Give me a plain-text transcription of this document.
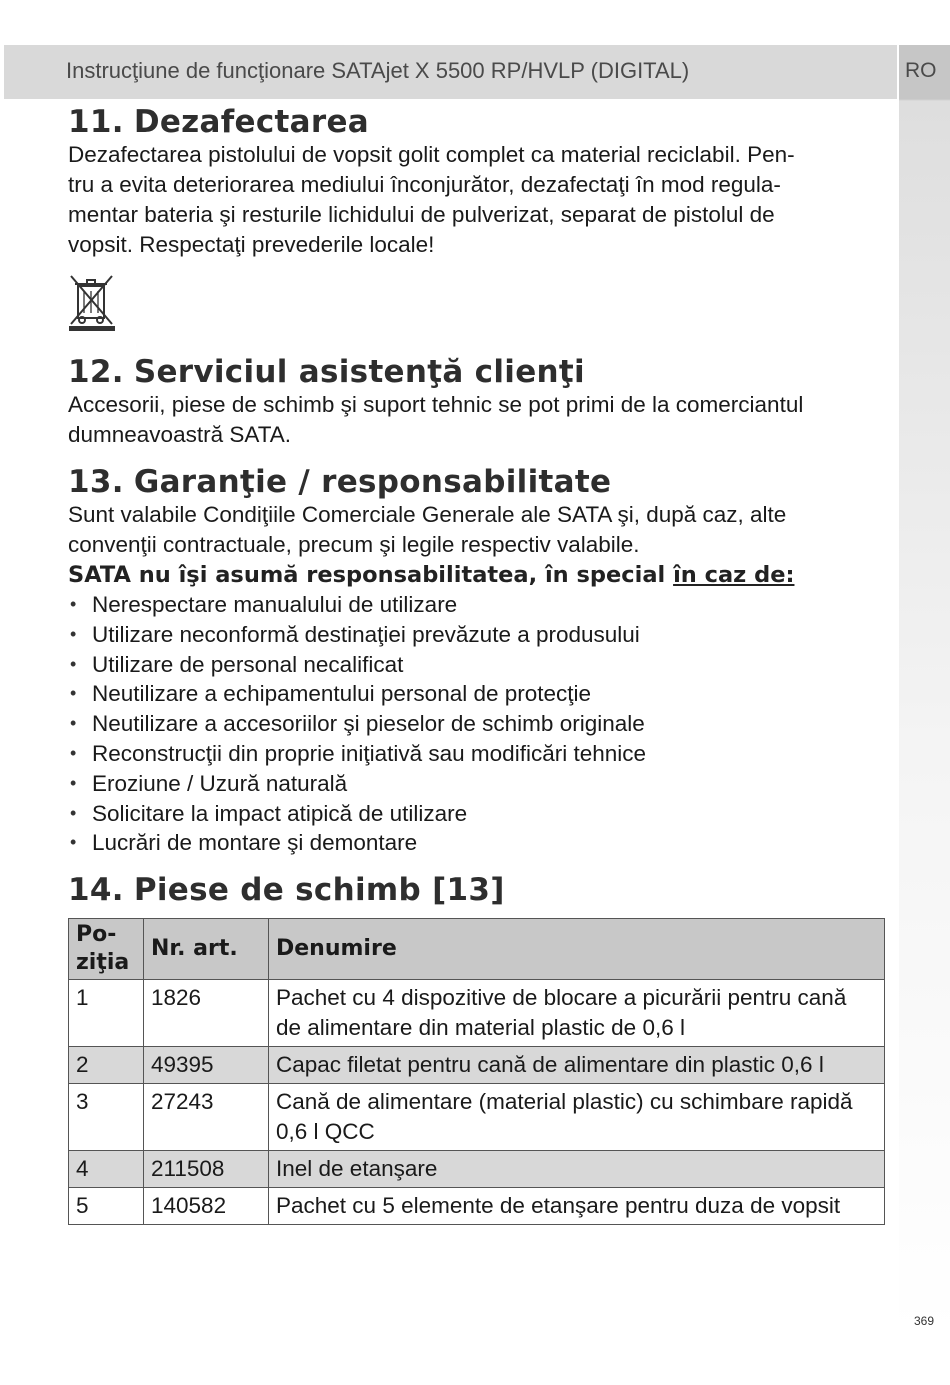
Instrucţiune de funcţionare SATAjet X 5500 RP/HVLP (DIGITAL)	RO
11. Dezafectarea

Dezafectarea pistolului de vopsit golit complet ca material reciclabil. Pen-

tru a evita deteriorarea mediului înconjurător, dezafectaţi în mod regula-

mentar bateria şi resturile lichidului de pulverizat, separat de pistolul de

vopsit. Respectaţi prevederile locale!

12. Serviciul asistenţă clienţi

Accesorii, piese de schimb şi suport tehnic se pot primi de la comerciantul

dumneavoastră SATA.

13. Garanţie / responsabilitate

Sunt valabile Condiţiile Comerciale Generale ale SATA şi, după caz, alte

convenţii contractuale, precum şi legile respectiv valabile.

SATA nu îşi asumă responsabilitatea, în special în caz de:
• Nerespectare manualului de utilizare
• Utilizare neconformă destinaţiei prevăzute a produsului
• Utilizare de personal necalificat
• Neutilizare a echipamentului personal de protecţie
• Neutilizare a accesoriilor şi pieselor de schimb originale
• Reconstrucţii din proprie iniţiativă sau modificări tehnice
• Eroziune / Uzură naturală
• Solicitare la impact atipică de utilizare
• Lucrări de montare şi demontare
14. Piese de schimb [13]
Po-
ziţia	Nr. art.	Denumire
1	1826	Pachet cu 4 dispozitive de blocare a picurării pentru cană de alimentare din material plastic de 0,6 l
2	49395	Capac filetat pentru cană de alimentare din plastic 0,6 l
3	27243	Cană de alimentare (material plastic) cu schimbare rapidă 0,6 l QCC
4	211508	Inel de etanşare
5	140582	Pachet cu 5 elemente de etanşare pentru duza de vopsit
369
